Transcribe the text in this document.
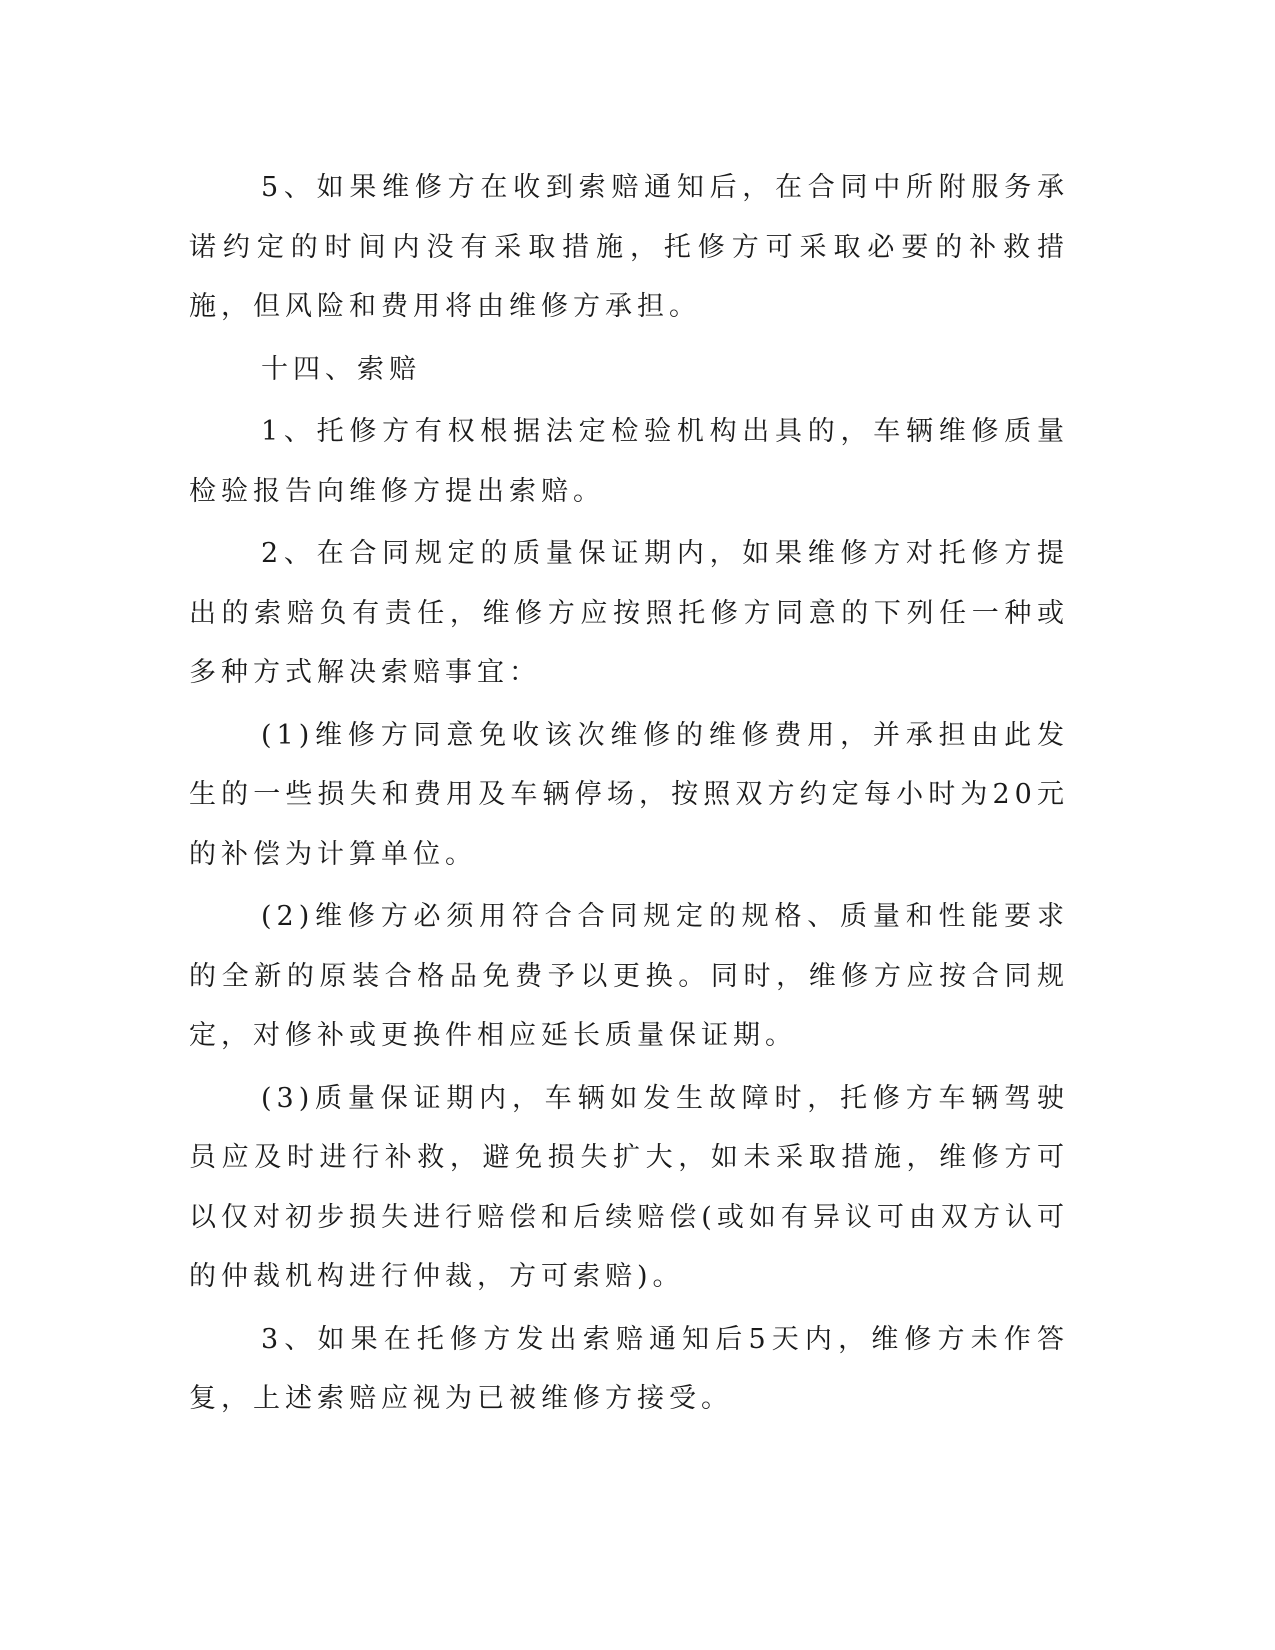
5、如果维修方在收到索赔通知后，在合同中所附服务承诺约定的时间内没有采取措施，托修方可采取必要的补救措施，但风险和费用将由维修方承担。

十四、索赔

1、托修方有权根据法定检验机构出具的，车辆维修质量检验报告向维修方提出索赔。

2、在合同规定的质量保证期内，如果维修方对托修方提出的索赔负有责任，维修方应按照托修方同意的下列任一种或多种方式解决索赔事宜：

(1)维修方同意免收该次维修的维修费用，并承担由此发生的一些损失和费用及车辆停场，按照双方约定每小时为20元的补偿为计算单位。

(2)维修方必须用符合合同规定的规格、质量和性能要求的全新的原装合格品免费予以更换。同时，维修方应按合同规定，对修补或更换件相应延长质量保证期。

(3)质量保证期内，车辆如发生故障时，托修方车辆驾驶员应及时进行补救，避免损失扩大，如未采取措施，维修方可以仅对初步损失进行赔偿和后续赔偿(或如有异议可由双方认可的仲裁机构进行仲裁，方可索赔)。

3、如果在托修方发出索赔通知后5天内，维修方未作答复，上述索赔应视为已被维修方接受。
